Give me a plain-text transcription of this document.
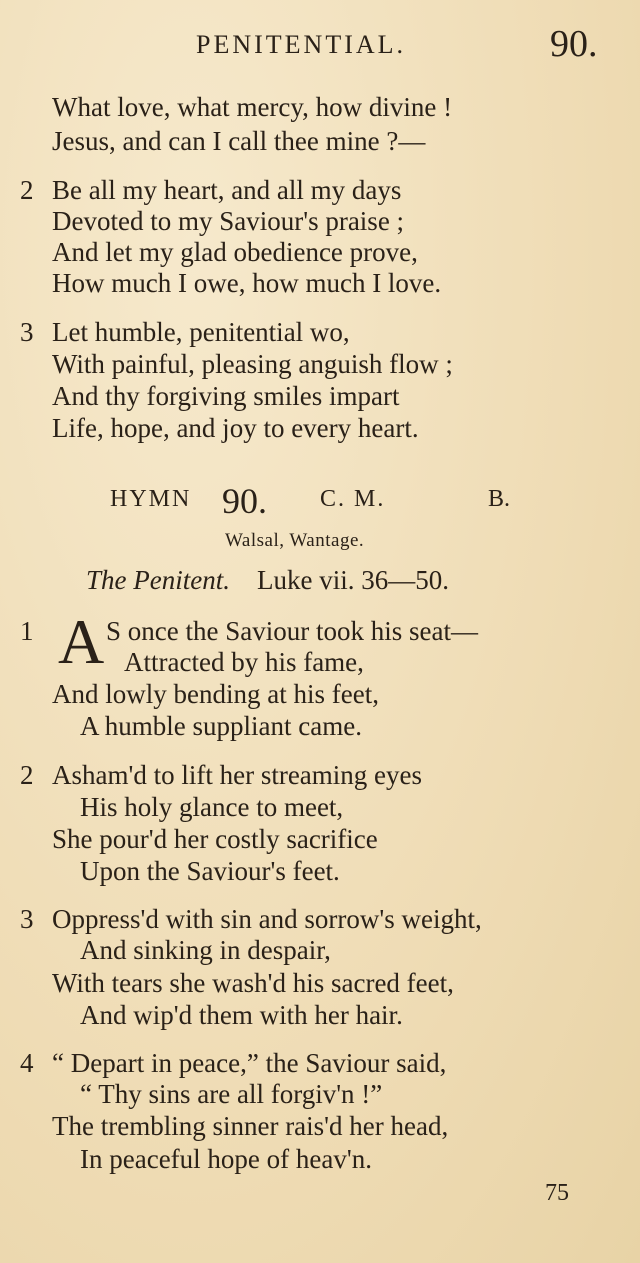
PENITENTIAL.	90.
What love, what mercy, how divine !
Jesus, and can I call thee mine ?—
2 Be all my heart, and all my days
Devoted to my Saviour's praise ;
And let my glad obedience prove,
How much I owe, how much I love.
3 Let humble, penitential wo,
With painful, pleasing anguish flow ;
And thy forgiving smiles impart
Life, hope, and joy to every heart.
HYMN 90. C. M.	B.
Walsal, Wantage.
The Penitent. Luke vii. 36—50.
1 A S once the Saviour took his seat—
Attracted by his fame,
And lowly bending at his feet,
A humble suppliant came.
2 Asham'd to lift her streaming eyes
His holy glance to meet,
She pour'd her costly sacrifice
Upon the Saviour's feet.
3 Oppress'd with sin and sorrow's weight,
And sinking in despair,
With tears she wash'd his sacred feet,
And wip'd them with her hair.
4 “ Depart in peace,” the Saviour said,
“ Thy sins are all forgiv'n !”
The trembling sinner rais'd her head,
In peaceful hope of heav'n.
75
